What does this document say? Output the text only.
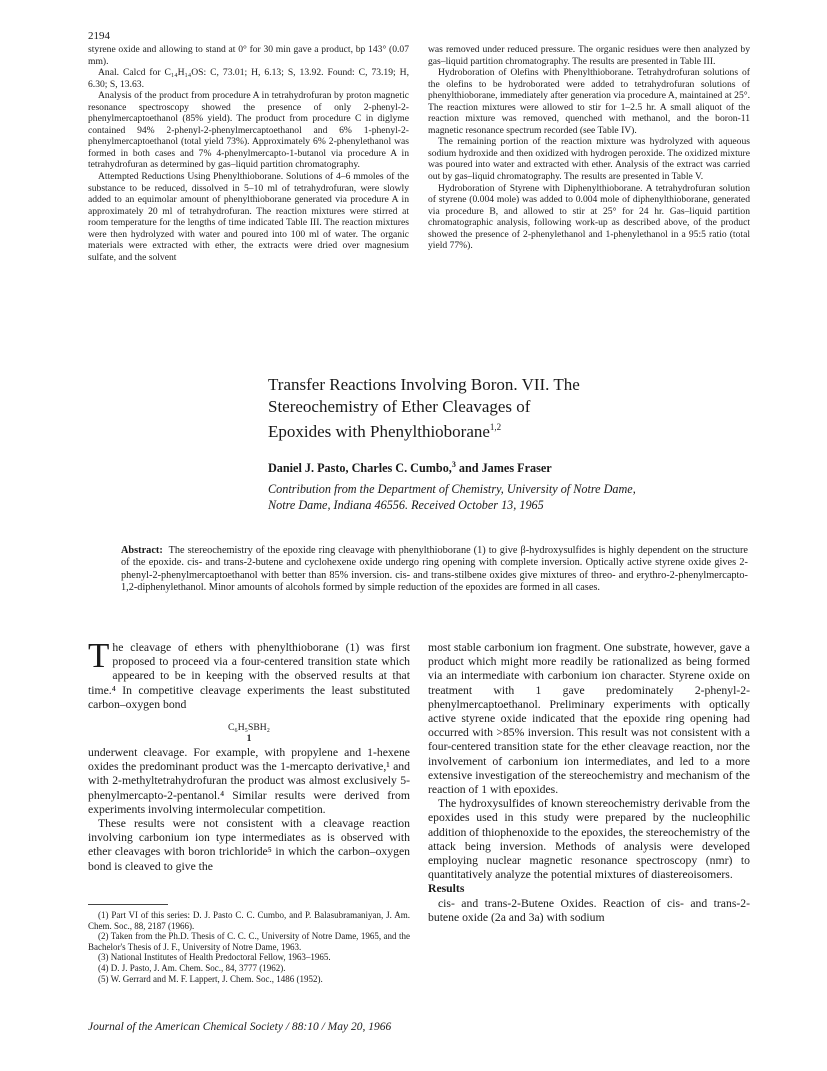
2194

styrene oxide and allowing to stand at 0° for 30 min gave a product, bp 143° (0.07 mm).

Anal. Calcd for C₁₄H₁₄OS: C, 73.01; H, 6.13; S, 13.92. Found: C, 73.19; H, 6.30; S, 13.63.

Analysis of the product from procedure A in tetrahydrofuran by proton magnetic resonance spectroscopy showed the presence of only 2-phenyl-2-phenylmercaptoethanol (85% yield). The product from procedure C in diglyme contained 94% 2-phenyl-2-phenylmercaptoethanol and 6% 1-phenyl-2-phenylmercaptoethanol (total yield 73%). Approximately 6% 2-phenylethanol was formed in both cases and 7% 4-phenylmercapto-1-butanol via procedure A in tetrahydrofuran as determined by gas–liquid partition chromatography.

Attempted Reductions Using Phenylthioborane. Solutions of 4–6 mmoles of the substance to be reduced, dissolved in 5–10 ml of tetrahydrofuran, were slowly added to an equimolar amount of phenylthioborane generated via procedure A in approximately 20 ml of tetrahydrofuran. The reaction mixtures were stirred at room temperature for the lengths of time indicated Table III. The reaction mixtures were then hydrolyzed with water and poured into 100 ml of water. The organic materials were extracted with ether, the extracts were dried over magnesium sulfate, and the solvent

was removed under reduced pressure. The organic residues were then analyzed by gas–liquid partition chromatography. The results are presented in Table III.

Hydroboration of Olefins with Phenylthioborane. Tetrahydrofuran solutions of the olefins to be hydroborated were added to tetrahydrofuran solutions of phenylthioborane, immediately after generation via procedure A, maintained at 25°. The reaction mixtures were allowed to stir for 1–2.5 hr. A small aliquot of the reaction mixture was removed, quenched with methanol, and the boron-11 magnetic resonance spectrum recorded (see Table IV).

The remaining portion of the reaction mixture was hydrolyzed with aqueous sodium hydroxide and then oxidized with hydrogen peroxide. The oxidized mixture was poured into water and extracted with ether. Analysis of the extract was carried out by gas–liquid chromatography. The results are presented in Table V.

Hydroboration of Styrene with Diphenylthioborane. A tetrahydrofuran solution of styrene (0.004 mole) was added to 0.004 mole of diphenylthioborane, generated via procedure B, and allowed to stir at 25° for 24 hr. Gas–liquid partition chromatographic analysis, following work-up as described above, of the product showed the presence of 2-phenylethanol and 1-phenylethanol in a 95:5 ratio (total yield 77%).

Transfer Reactions Involving Boron. VII. The
Stereochemistry of Ether Cleavages of
Epoxides with Phenylthioborane$^{1,2}$
Daniel J. Pasto, Charles C. Cumbo,$^3$ and James Fraser
Contribution from the Department of Chemistry, University of Notre Dame,
Notre Dame, Indiana 46556. Received October 13, 1965
Abstract: The stereochemistry of the epoxide ring cleavage with phenylthioborane (1) to give β-hydroxysulfides is highly dependent on the structure of the epoxide. cis- and trans-2-butene and cyclohexene oxide undergo ring opening with complete inversion. Optically active styrene oxide gives 2-phenyl-2-phenylmercaptoethanol with better than 85% inversion. cis- and trans-stilbene oxides give mixtures of threo- and erythro-2-phenylmercapto-1,2-diphenylethanol. Minor amounts of alcohols formed by simple reduction of the epoxides are formed in all cases.

The cleavage of ethers with phenylthioborane (1) was first proposed to proceed via a four-centered transition state which appeared to be in keeping with the observed results at that time.⁴ In competitive cleavage experiments the least substituted carbon–oxygen bond

C₆H₅SBH₂
1

underwent cleavage. For example, with propylene and 1-hexene oxides the predominant product was the 1-mercapto derivative,¹ and with 2-methyltetrahydrofuran the product was almost exclusively 5-phenylmercapto-2-pentanol.⁴ Similar results were derived from experiments involving intermolecular competition.

These results were not consistent with a cleavage reaction involving carbonium ion type intermediates as is observed with ether cleavages with boron trichloride⁵ in which the carbon–oxygen bond is cleaved to give the

(1) Part VI of this series: D. J. Pasto C. C. Cumbo, and P. Balasubramaniyan, J. Am. Chem. Soc., 88, 2187 (1966).

(2) Taken from the Ph.D. Thesis of C. C. C., University of Notre Dame, 1965, and the Bachelor's Thesis of J. F., University of Notre Dame, 1963.

(3) National Institutes of Health Predoctoral Fellow, 1963–1965.

(4) D. J. Pasto, J. Am. Chem. Soc., 84, 3777 (1962).

(5) W. Gerrard and M. F. Lappert, J. Chem. Soc., 1486 (1952).

most stable carbonium ion fragment. One substrate, however, gave a product which might more readily be rationalized as being formed via an intermediate with carbonium ion character. Styrene oxide on treatment with 1 gave predominately 2-phenyl-2-phenylmercaptoethanol. Preliminary experiments with optically active styrene oxide indicated that the epoxide ring opening had occurred with >85% inversion. This result was not consistent with a four-centered transition state for the ether cleavage reaction, nor the involvement of carbonium ion intermediates, and led to a more extensive investigation of the stereochemistry and mechanism of the reaction of 1 with epoxides.

The hydroxysulfides of known stereochemistry derivable from the epoxides used in this study were prepared by the nucleophilic addition of thiophenoxide to the epoxides, the stereochemistry of the attack being inversion. Methods of analysis were developed employing nuclear magnetic resonance spectroscopy (nmr) to quantitatively analyze the potential mixtures of diastereoisomers.

Results

cis- and trans-2-Butene Oxides. Reaction of cis- and trans-2-butene oxide (2a and 3a) with sodium

Journal of the American Chemical Society / 88:10 / May 20, 1966
